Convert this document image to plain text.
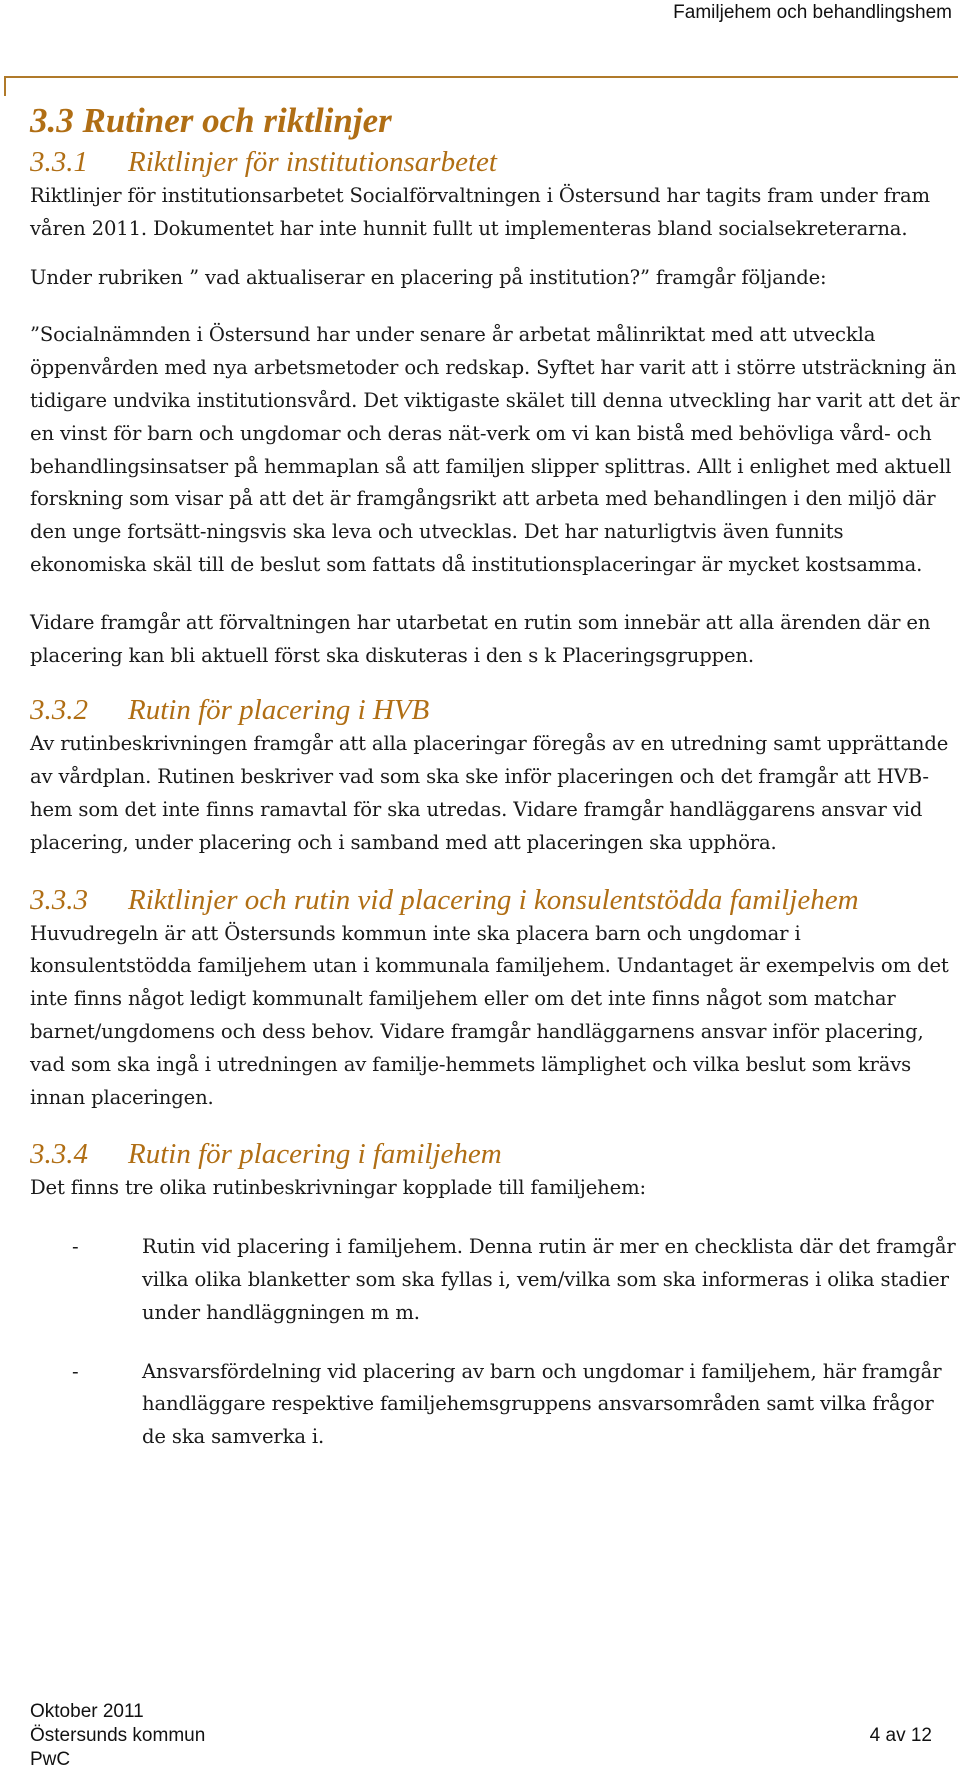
Familjehem och behandlingshem
3.3 Rutiner och riktlinjer
3.3.1	Riktlinjer för institutionsarbetet

Riktlinjer för institutionsarbetet Socialförvaltningen i Östersund har tagits fram under fram våren 2011. Dokumentet har inte hunnit fullt ut implementeras bland socialsekreterarna.

Under rubriken ” vad aktualiserar en placering på institution?” framgår följande:

”Socialnämnden i Östersund har under senare år arbetat målinriktat med att utveckla öppenvården med nya arbetsmetoder och redskap. Syftet har varit att i större utsträckning än tidigare undvika institutionsvård. Det viktigaste skälet till denna utveckling har varit att det är en vinst för barn och ungdomar och deras nät-verk om vi kan bistå med behövliga vård- och behandlingsinsatser på hemmaplan så att familjen slipper splittras. Allt i enlighet med aktuell forskning som visar på att det är framgångsrikt att arbeta med behandlingen i den miljö där den unge fortsätt-ningsvis ska leva och utvecklas. Det har naturligtvis även funnits ekonomiska skäl till de beslut som fattats då institutionsplaceringar är mycket kostsamma.

Vidare framgår att förvaltningen har utarbetat en rutin som innebär att alla ärenden där en placering kan bli aktuell först ska diskuteras i den s k Placeringsgruppen.

3.3.2	Rutin för placering i HVB

Av rutinbeskrivningen framgår att alla placeringar föregås av en utredning samt upprättande av vårdplan. Rutinen beskriver vad som ska ske inför placeringen och det framgår att HVB-hem som det inte finns ramavtal för ska utredas. Vidare framgår handläggarens ansvar vid placering, under placering och i samband med att placeringen ska upphöra.

3.3.3	Riktlinjer och rutin vid placering i konsulentstödda familjehem

Huvudregeln är att Östersunds kommun inte ska placera barn och ungdomar i konsulentstödda familjehem utan i kommunala familjehem. Undantaget är exempelvis om det inte finns något ledigt kommunalt familjehem eller om det inte finns något som matchar barnet/ungdomens och dess behov. Vidare framgår handläggarnens ansvar inför placering, vad som ska ingå i utredningen av familje-hemmets lämplighet och vilka beslut som krävs innan placeringen.

3.3.4	Rutin för placering i familjehem

Det finns tre olika rutinbeskrivningar kopplade till familjehem:

-	Rutin vid placering i familjehem. Denna rutin är mer en checklista där det framgår vilka olika blanketter som ska fyllas i, vem/vilka som ska informeras i olika stadier under handläggningen m m.

-	Ansvarsfördelning vid placering av barn och ungdomar i familjehem, här framgår handläggare respektive familjehemsgruppens ansvarsområden samt vilka frågor de ska samverka i.

Oktober 2011
Östersunds kommun
PwC
4 av 12
